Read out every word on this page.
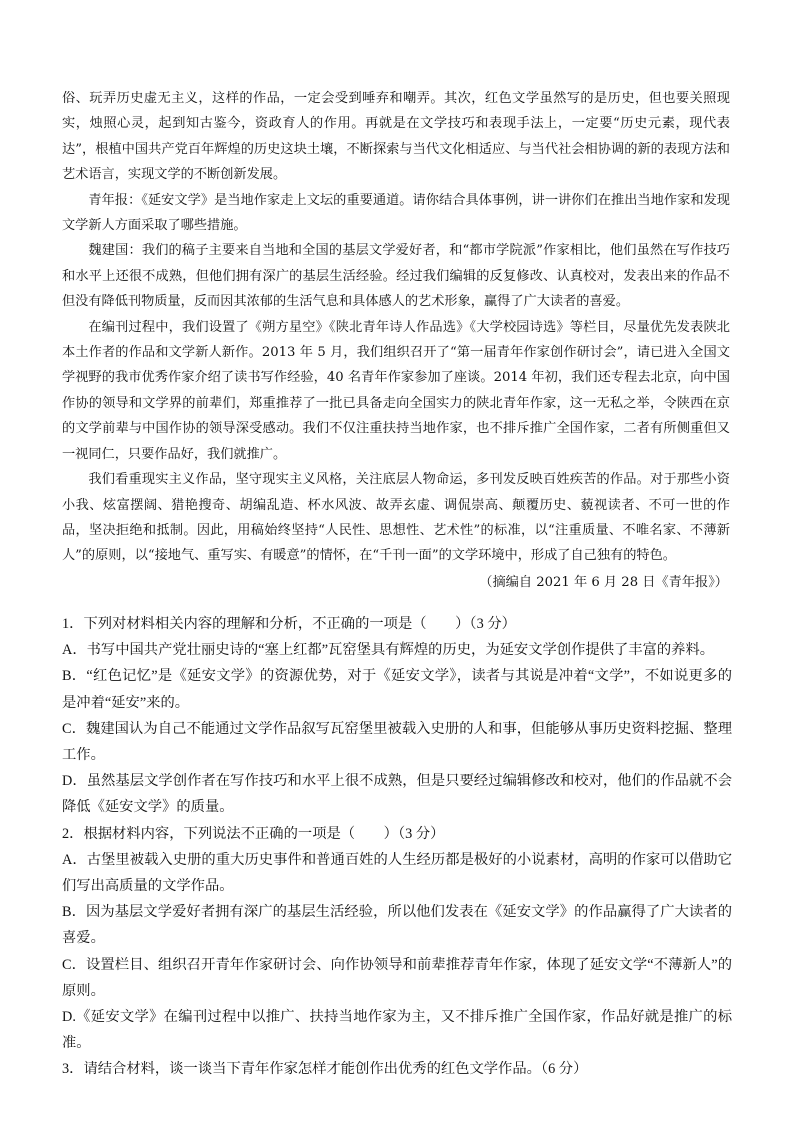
俗、玩弄历史虚无主义，这样的作品，一定会受到唾弃和嘲弄。其次，红色文学虽然写的是历史，但也要关照现实，烛照心灵，起到知古鉴今，资政育人的作用。再就是在文学技巧和表现手法上，一定要“历史元素，现代表达”，根植中国共产党百年辉煌的历史这块土壤，不断探索与当代文化相适应、与当代社会相协调的新的表现方法和艺术语言，实现文学的不断创新发展。

青年报：《延安文学》是当地作家走上文坛的重要通道。请你结合具体事例，讲一讲你们在推出当地作家和发现文学新人方面采取了哪些措施。

魏建国：我们的稿子主要来自当地和全国的基层文学爱好者，和“都市学院派”作家相比，他们虽然在写作技巧和水平上还很不成熟，但他们拥有深广的基层生活经验。经过我们编辑的反复修改、认真校对，发表出来的作品不但没有降低刊物质量，反而因其浓郁的生活气息和具体感人的艺术形象，赢得了广大读者的喜爱。

在编刊过程中，我们设置了《朔方星空》《陕北青年诗人作品选》《大学校园诗选》等栏目，尽量优先发表陕北本土作者的作品和文学新人新作。2013 年 5 月，我们组织召开了“第一届青年作家创作研讨会”，请已进入全国文学视野的我市优秀作家介绍了读书写作经验，40 名青年作家参加了座谈。2014 年初，我们还专程去北京，向中国作协的领导和文学界的前辈们，郑重推荐了一批已具备走向全国实力的陕北青年作家，这一无私之举，令陕西在京的文学前辈与中国作协的领导深受感动。我们不仅注重扶持当地作家，也不排斥推广全国作家，二者有所侧重但又一视同仁，只要作品好，我们就推广。

我们看重现实主义作品，坚守现实主义风格，关注底层人物命运，多刊发反映百姓疾苦的作品。对于那些小资小我、炫富摆阔、猎艳搜奇、胡编乱造、杯水风波、故弄玄虚、调侃崇高、颠覆历史、藐视读者、不可一世的作品，坚决拒绝和抵制。因此，用稿始终坚持“人民性、思想性、艺术性”的标准，以“注重质量、不唯名家、不薄新人”的原则，以“接地气、重写实、有暖意”的情怀，在“千刊一面”的文学环境中，形成了自己独有的特色。

（摘编自 2021 年 6 月 28 日《青年报》）

1．下列对材料相关内容的理解和分析，不正确的一项是（　　）（3 分）

A．书写中国共产党壮丽史诗的“塞上红都”瓦窑堡具有辉煌的历史，为延安文学创作提供了丰富的养料。

B．“红色记忆”是《延安文学》的资源优势，对于《延安文学》，读者与其说是冲着“文学”，不如说更多的是冲着“延安”来的。

C．魏建国认为自己不能通过文学作品叙写瓦窑堡里被载入史册的人和事，但能够从事历史资料挖掘、整理工作。

D．虽然基层文学创作者在写作技巧和水平上很不成熟，但是只要经过编辑修改和校对，他们的作品就不会降低《延安文学》的质量。

2．根据材料内容，下列说法不正确的一项是（　　）（3 分）

A．古堡里被载入史册的重大历史事件和普通百姓的人生经历都是极好的小说素材，高明的作家可以借助它们写出高质量的文学作品。

B．因为基层文学爱好者拥有深广的基层生活经验，所以他们发表在《延安文学》的作品赢得了广大读者的喜爱。

C．设置栏目、组织召开青年作家研讨会、向作协领导和前辈推荐青年作家，体现了延安文学“不薄新人”的原则。

D.《延安文学》在编刊过程中以推广、扶持当地作家为主，又不排斥推广全国作家，作品好就是推广的标准。

3．请结合材料，谈一谈当下青年作家怎样才能创作出优秀的红色文学作品。（6 分）
